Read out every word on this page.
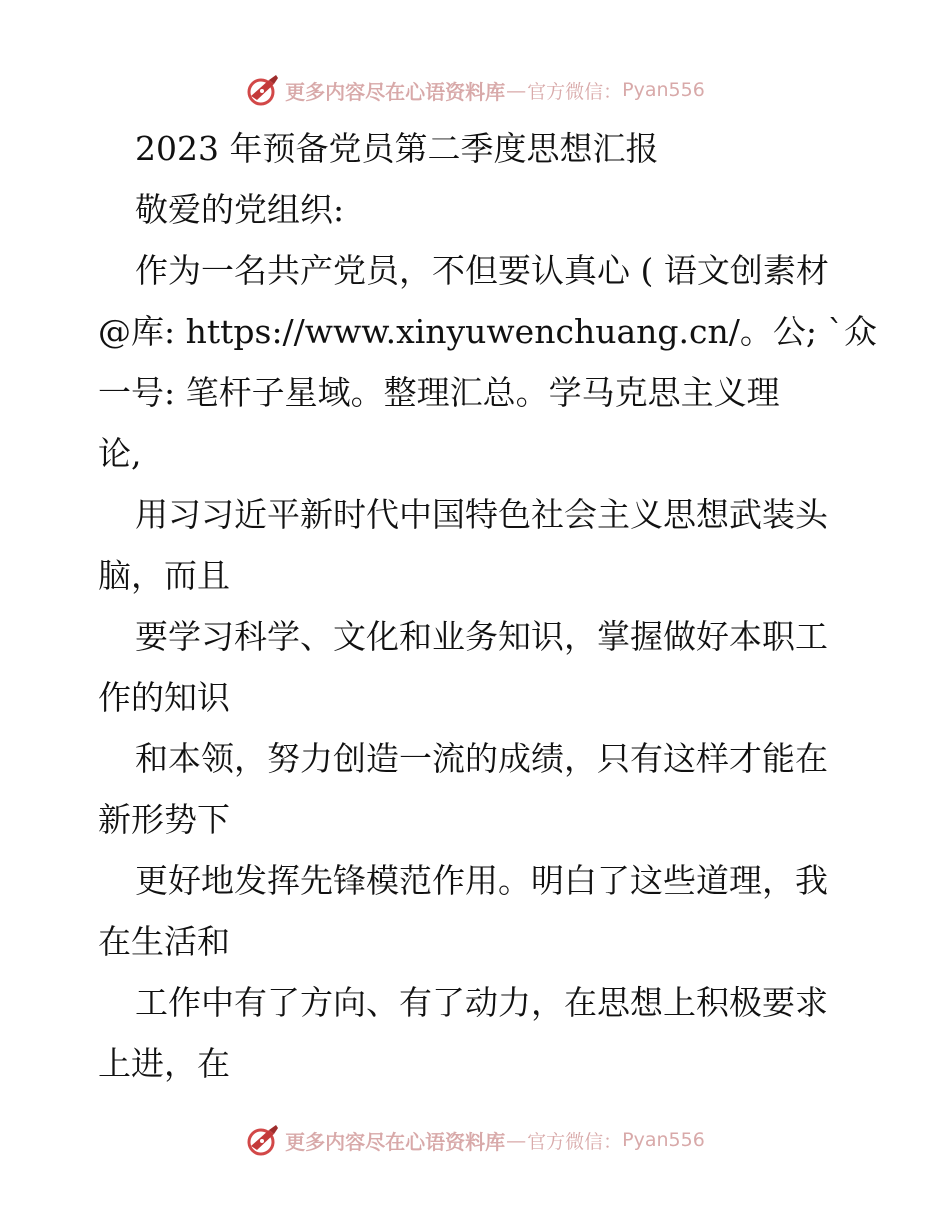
更多内容尽在心语资料库 — 官方微信： Pyan556
2023 年预备党员第二季度思想汇报
敬爱的党组织:
作为一名共产党员，不但要认真心 ( 语文创素材
@库: https://www.xinyuwenchuang.cn/。公; `众
一号: 笔杆子星域。整理汇总。学马克思主义理
论,
用习习近平新时代中国特色社会主义思想武装头
脑，而且
要学习科学、文化和业务知识，掌握做好本职工
作的知识
和本领，努力创造一流的成绩，只有这样才能在
新形势下
更好地发挥先锋模范作用。明白了这些道理，我
在生活和
工作中有了方向、有了动力，在思想上积极要求
上进，在
更多内容尽在心语资料库 — 官方微信： Pyan556
